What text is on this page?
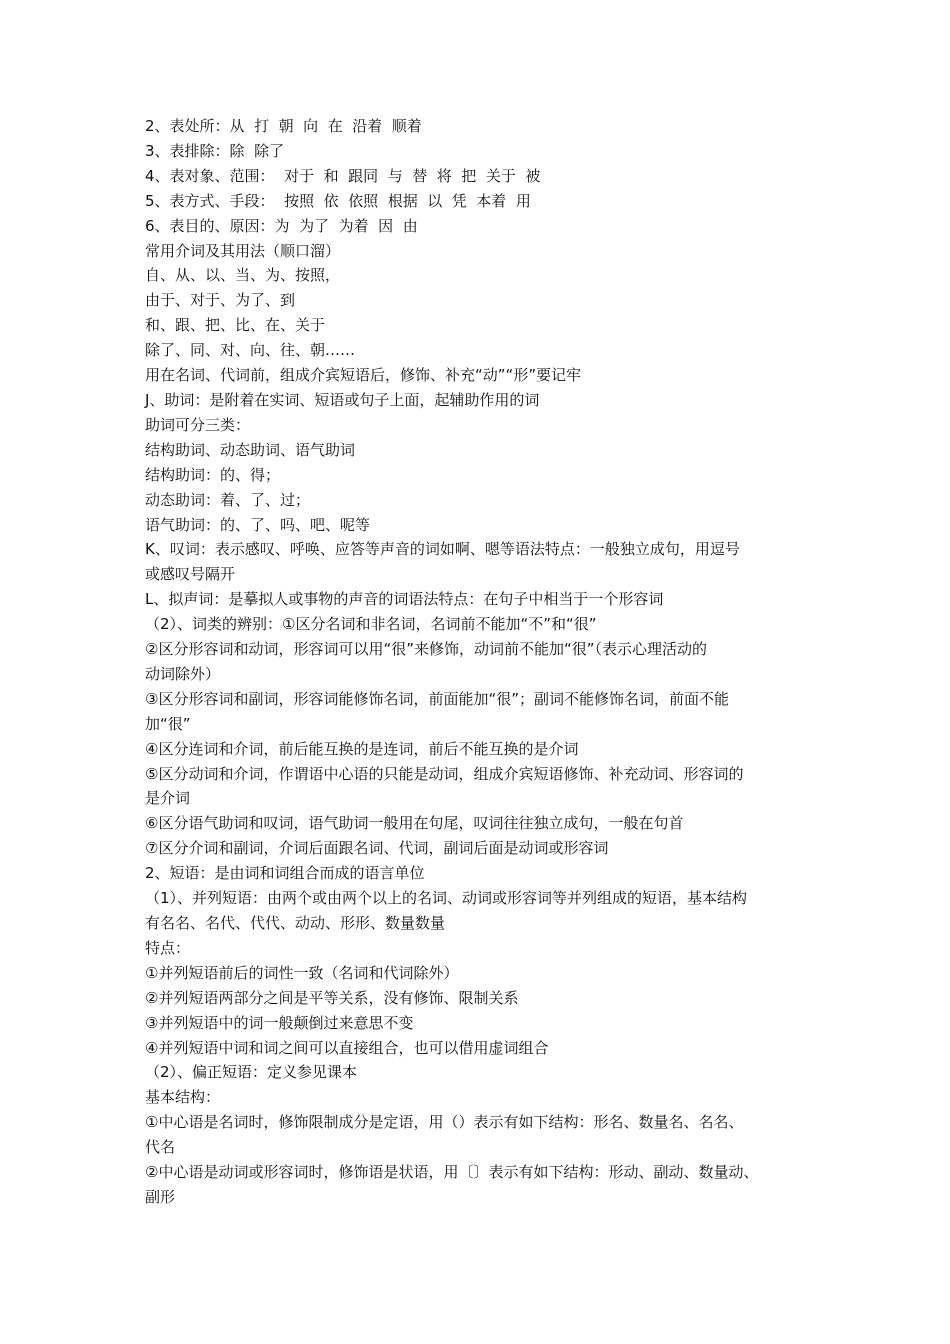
2、表处所：从  打  朝  向  在  沿着  顺着

3、表排除：除  除了

4、表对象、范围：  对于  和  跟同  与  替  将  把  关于  被

5、表方式、手段：  按照  依  依照  根据  以  凭  本着  用

6、表目的、原因：为  为了  为着  因  由

常用介词及其用法（顺口溜）

自、从、以、当、为、按照，

由于、对于、为了、到

和、跟、把、比、在、关于

除了、同、对、向、往、朝……

用在名词、代词前，组成介宾短语后，修饰、补充“动”“形”要记牢

J、助词：是附着在实词、短语或句子上面，起辅助作用的词

助词可分三类：

结构助词、动态助词、语气助词

结构助词：的、得；

动态助词：着、了、过；

语气助词：的、了、吗、吧、呢等

K、叹词：表示感叹、呼唤、应答等声音的词如啊、嗯等语法特点：一般独立成句，用逗号

或感叹号隔开

L、拟声词：是摹拟人或事物的声音的词语法特点：在句子中相当于一个形容词

（2）、词类的辨别：①区分名词和非名词，名词前不能加“不”和“很”

②区分形容词和动词，形容词可以用“很”来修饰，动词前不能加“很”（表示心理活动的

动词除外）

③区分形容词和副词，形容词能修饰名词，前面能加“很”；副词不能修饰名词，前面不能

加“很”

④区分连词和介词，前后能互换的是连词，前后不能互换的是介词

⑤区分动词和介词，作谓语中心语的只能是动词，组成介宾短语修饰、补充动词、形容词的

是介词

⑥区分语气助词和叹词，语气助词一般用在句尾，叹词往往独立成句，一般在句首

⑦区分介词和副词，介词后面跟名词、代词，副词后面是动词或形容词

2、短语：是由词和词组合而成的语言单位

（1）、并列短语：由两个或由两个以上的名词、动词或形容词等并列组成的短语，基本结构

有名名、名代、代代、动动、形形、数量数量

特点：

①并列短语前后的词性一致（名词和代词除外）

②并列短语两部分之间是平等关系，没有修饰、限制关系

③并列短语中的词一般颠倒过来意思不变

④并列短语中词和词之间可以直接组合，也可以借用虚词组合

（2）、偏正短语：定义参见课本

基本结构：

①中心语是名词时，修饰限制成分是定语，用（）表示有如下结构：形名、数量名、名名、

代名

②中心语是动词或形容词时，修饰语是状语，用〔〕表示有如下结构：形动、副动、数量动、

副形
